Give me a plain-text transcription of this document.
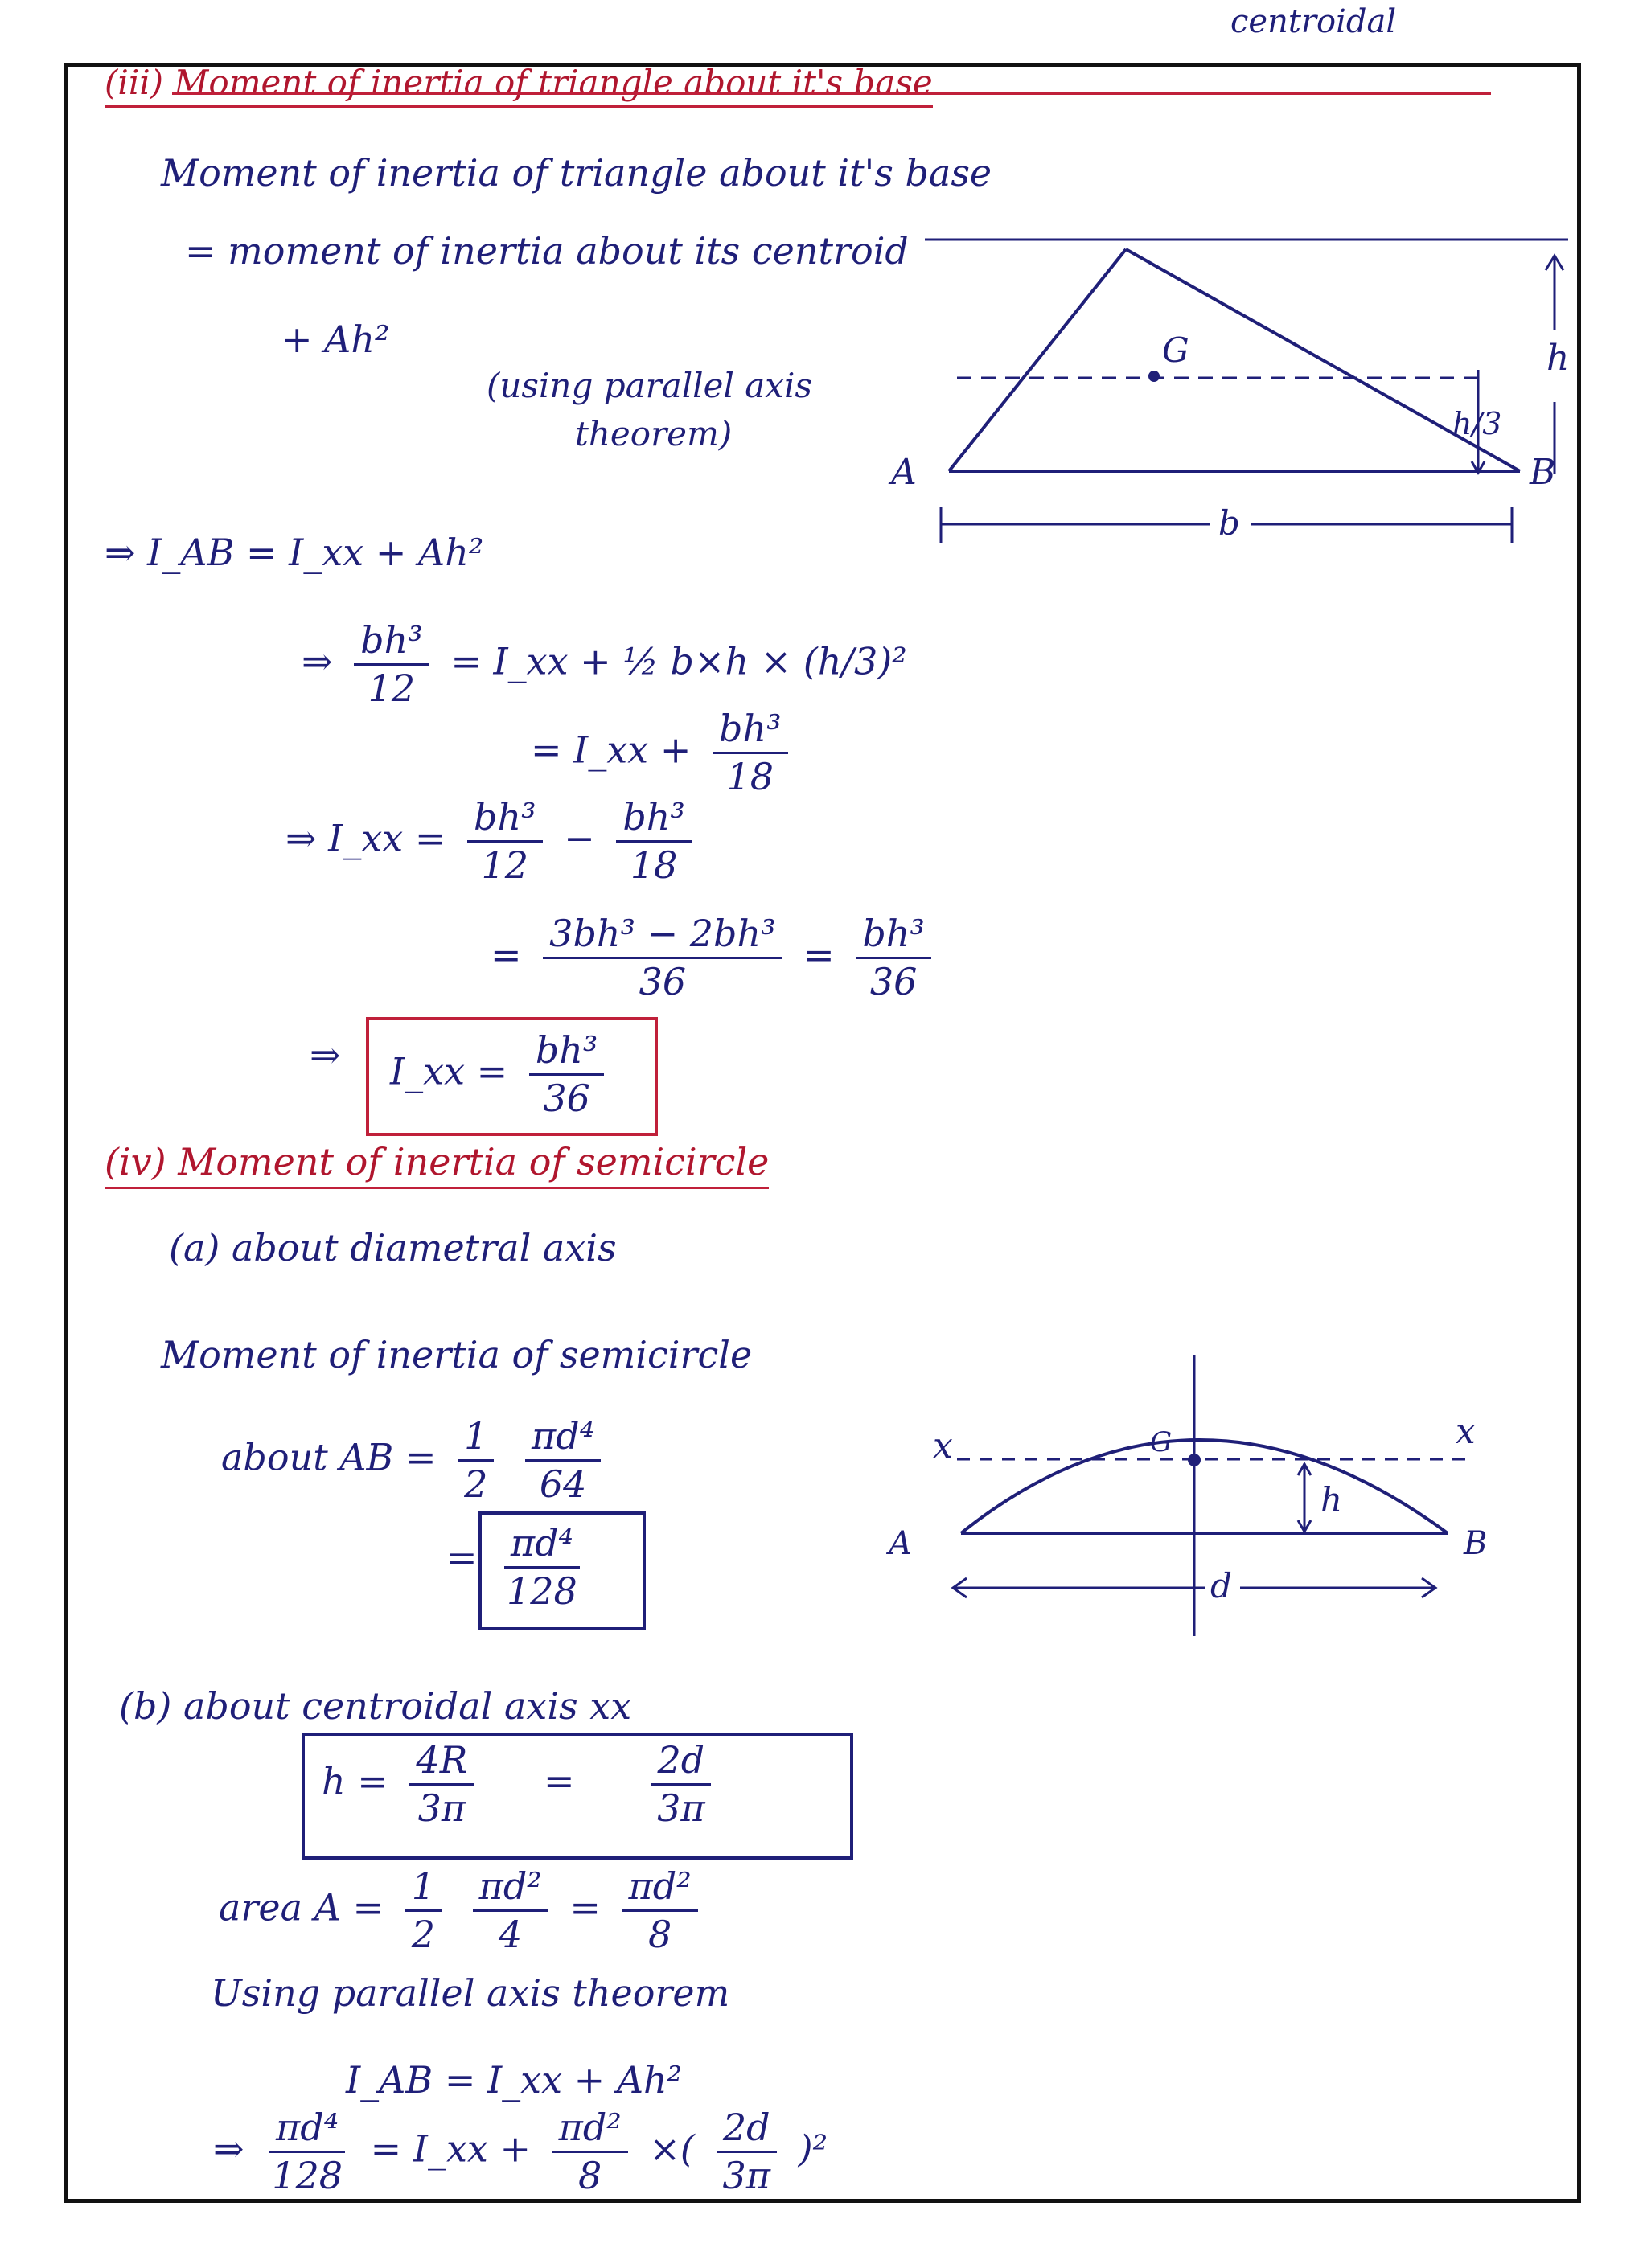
centroidal
(iii) Moment of inertia of triangle about it's base
Moment of inertia of triangle about it's base
= moment of inertia about its centroid
+ Ah²
(using parallel axis
theorem)
G	h
h/3
A	B
b
⇒ I_AB = I_xx + Ah²
⇒ $\frac{\text{bh³}}{12}$ = I_xx + ½ b×h × (h/3)²
= I_xx + $\frac{\text{bh³}}{18}$
⇒ I_xx = $\frac{\text{bh³}}{12} - \frac{\text{bh³}}{18}$
= $\frac{\text{3bh³ − 2bh³}}{36} = \frac{\text{bh³}}{36}$
⇒ I_xx = $\frac{\text{bh³}}{36}$
(iv) Moment of inertia of semicircle
(a) about diametral axis
Moment of inertia of semicircle
about AB = $\frac{1}{2}$
$\frac{\text{πd⁴}}{64}$
= $\frac{\text{πd⁴}}{128}$
G
x	x
h
A	B
d
(b) about centroidal axis xx
$h = \frac{4R}{3\pi} = \frac{2d}{3\pi}$
area $A = \frac{1}{2}$
$\frac{\text{πd²}}{4} = \frac{\text{πd²}}{8}$
Using parallel axis theorem
I_AB = I_xx + Ah²
⇒ $\frac{\text{πd⁴}}{128}$ = I_xx + $\frac{\text{πd²}}{8}$ ×( $\frac{2d}{3\pi} )^2$
